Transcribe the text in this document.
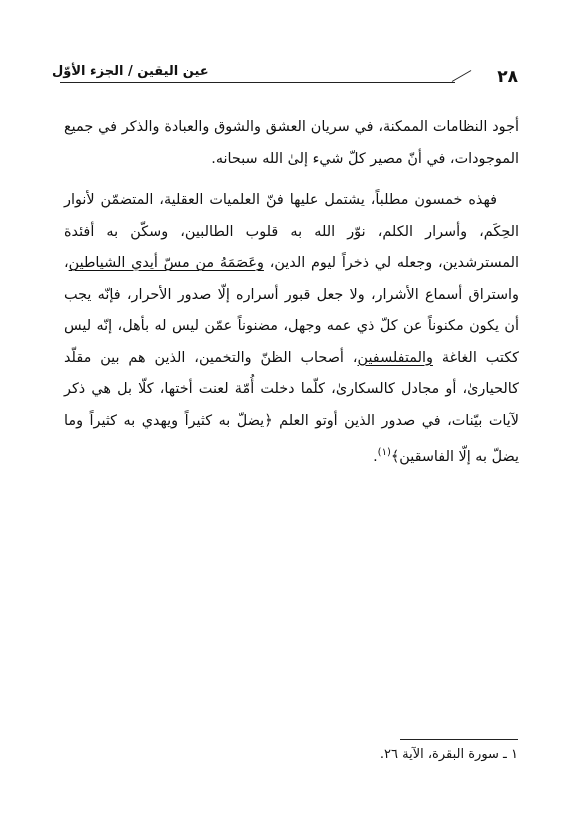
عين اليقين / الجزء الأوّل	٢٨

أجود النظامات الممكنة، في سريان العشق والشوق والعبادة والذكر في جميع الموجودات، في أنّ مصير كلّ شيء إلىٰ الله سبحانه.

فهذه خمسون مطلباً، يشتمل عليها فنّ العلميات العقلية، المتضمّن لأنوار الحِكَم، وأسرار الكلم، نوّر الله به قلوب الطالبين، وسكّن به أفئدة المسترشدين، وجعله لي ذخراً ليوم الدين، وعَصَمَهُ من مسّ أيدي الشياطين، واستراق أسماع الأشرار، ولا جعل قبور أسراره إلّا صدور الأحرار، فإنّه يجب أن يكون مكنوناً عن كلّ ذي عمه وجهل، مضنوناً عمّن ليس له بأهل، إنّه ليس ككتب الغاغة والمتفلسفين، أصحاب الظنّ والتخمين، الذين هم بين مقلّد كالحيارىٰ، أو مجادل كالسكارىٰ، كلّما دخلت أُمّة لعنت أختها، كلّا بل هي ذكر لآيات بيّنات، في صدور الذين أوتو العلم ﴿يضلّ به كثيراً ويهدي به كثيراً وما يضلّ به إلّا الفاسقين﴾$^{(١)}$.

١ ـ سورة البقرة، الآية ٢٦.
